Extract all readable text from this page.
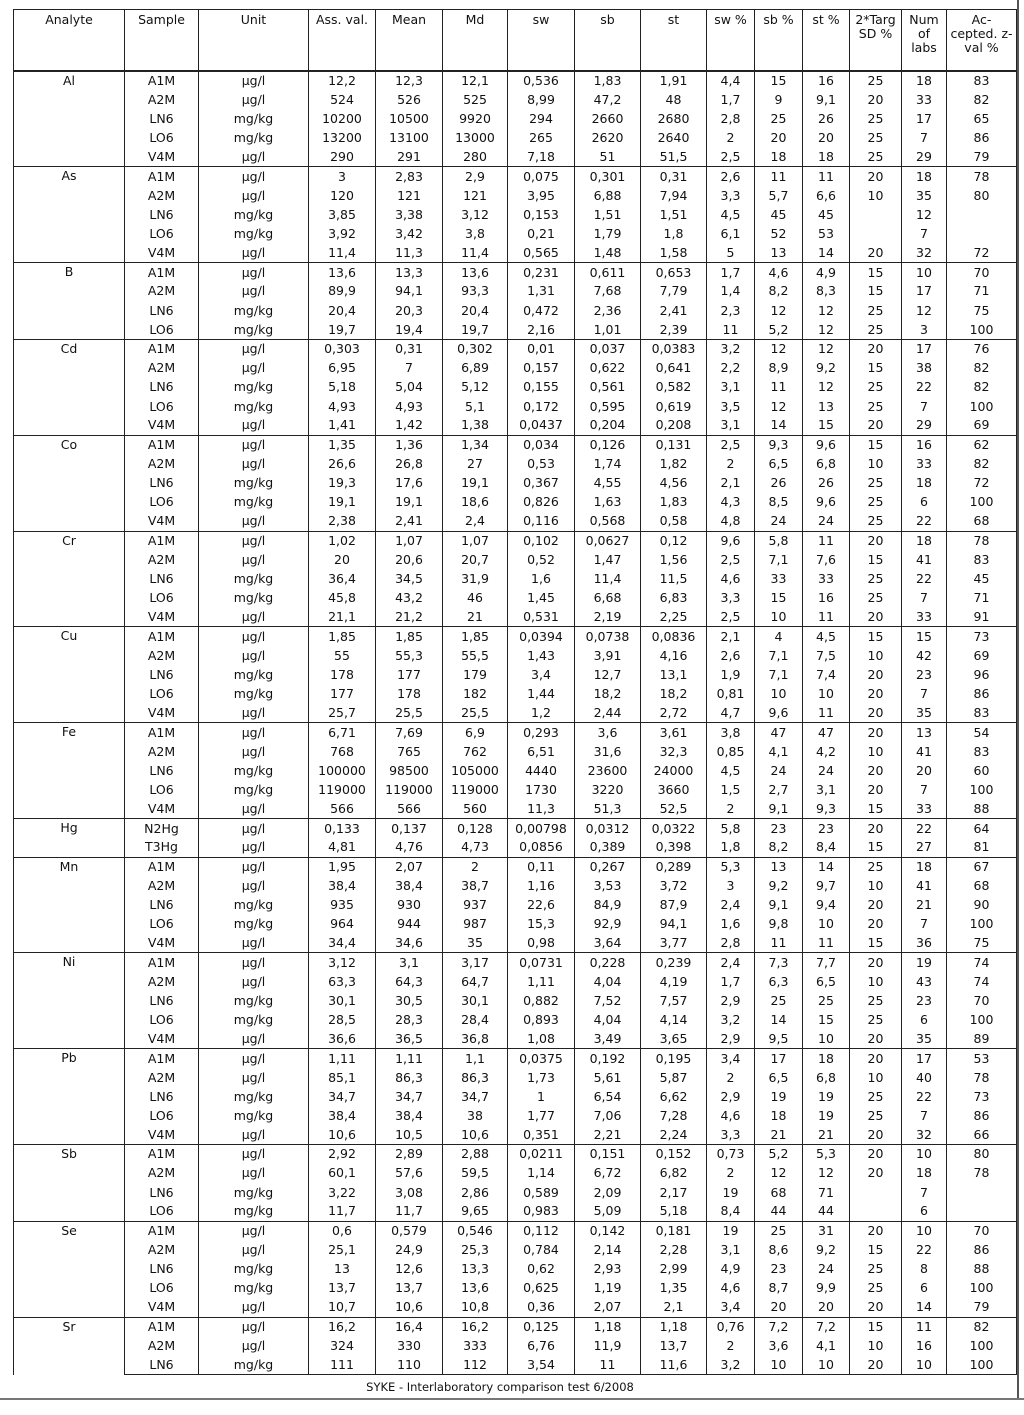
Analyte	Sample	Unit	Ass. val.	Mean	Md	sw	sb	st	sw %	sb %	st %	2*Targ SD %	Num of labs	Ac-cepted. z-val %
Al	A1M	µg/l	12,2	12,3	12,1	0,536	1,83	1,91	4,4	15	16	25	18	83
	A2M	µg/l	524	526	525	8,99	47,2	48	1,7	9	9,1	20	33	82
	LN6	mg/kg	10200	10500	9920	294	2660	2680	2,8	25	26	25	17	65
	LO6	mg/kg	13200	13100	13000	265	2620	2640	2	20	20	25	7	86
	V4M	µg/l	290	291	280	7,18	51	51,5	2,5	18	18	25	29	79
As	A1M	µg/l	3	2,83	2,9	0,075	0,301	0,31	2,6	11	11	20	18	78
	A2M	µg/l	120	121	121	3,95	6,88	7,94	3,3	5,7	6,6	10	35	80
	LN6	mg/kg	3,85	3,38	3,12	0,153	1,51	1,51	4,5	45	45		12	
	LO6	mg/kg	3,92	3,42	3,8	0,21	1,79	1,8	6,1	52	53		7	
	V4M	µg/l	11,4	11,3	11,4	0,565	1,48	1,58	5	13	14	20	32	72
B	A1M	µg/l	13,6	13,3	13,6	0,231	0,611	0,653	1,7	4,6	4,9	15	10	70
	A2M	µg/l	89,9	94,1	93,3	1,31	7,68	7,79	1,4	8,2	8,3	15	17	71
	LN6	mg/kg	20,4	20,3	20,4	0,472	2,36	2,41	2,3	12	12	25	12	75
	LO6	mg/kg	19,7	19,4	19,7	2,16	1,01	2,39	11	5,2	12	25	3	100
Cd	A1M	µg/l	0,303	0,31	0,302	0,01	0,037	0,0383	3,2	12	12	20	17	76
	A2M	µg/l	6,95	7	6,89	0,157	0,622	0,641	2,2	8,9	9,2	15	38	82
	LN6	mg/kg	5,18	5,04	5,12	0,155	0,561	0,582	3,1	11	12	25	22	82
	LO6	mg/kg	4,93	4,93	5,1	0,172	0,595	0,619	3,5	12	13	25	7	100
	V4M	µg/l	1,41	1,42	1,38	0,0437	0,204	0,208	3,1	14	15	20	29	69
Co	A1M	µg/l	1,35	1,36	1,34	0,034	0,126	0,131	2,5	9,3	9,6	15	16	62
	A2M	µg/l	26,6	26,8	27	0,53	1,74	1,82	2	6,5	6,8	10	33	82
	LN6	mg/kg	19,3	17,6	19,1	0,367	4,55	4,56	2,1	26	26	25	18	72
	LO6	mg/kg	19,1	19,1	18,6	0,826	1,63	1,83	4,3	8,5	9,6	25	6	100
	V4M	µg/l	2,38	2,41	2,4	0,116	0,568	0,58	4,8	24	24	25	22	68
Cr	A1M	µg/l	1,02	1,07	1,07	0,102	0,0627	0,12	9,6	5,8	11	20	18	78
	A2M	µg/l	20	20,6	20,7	0,52	1,47	1,56	2,5	7,1	7,6	15	41	83
	LN6	mg/kg	36,4	34,5	31,9	1,6	11,4	11,5	4,6	33	33	25	22	45
	LO6	mg/kg	45,8	43,2	46	1,45	6,68	6,83	3,3	15	16	25	7	71
	V4M	µg/l	21,1	21,2	21	0,531	2,19	2,25	2,5	10	11	20	33	91
Cu	A1M	µg/l	1,85	1,85	1,85	0,0394	0,0738	0,0836	2,1	4	4,5	15	15	73
	A2M	µg/l	55	55,3	55,5	1,43	3,91	4,16	2,6	7,1	7,5	10	42	69
	LN6	mg/kg	178	177	179	3,4	12,7	13,1	1,9	7,1	7,4	20	23	96
	LO6	mg/kg	177	178	182	1,44	18,2	18,2	0,81	10	10	20	7	86
	V4M	µg/l	25,7	25,5	25,5	1,2	2,44	2,72	4,7	9,6	11	20	35	83
Fe	A1M	µg/l	6,71	7,69	6,9	0,293	3,6	3,61	3,8	47	47	20	13	54
	A2M	µg/l	768	765	762	6,51	31,6	32,3	0,85	4,1	4,2	10	41	83
	LN6	mg/kg	100000	98500	105000	4440	23600	24000	4,5	24	24	20	20	60
	LO6	mg/kg	119000	119000	119000	1730	3220	3660	1,5	2,7	3,1	20	7	100
	V4M	µg/l	566	566	560	11,3	51,3	52,5	2	9,1	9,3	15	33	88
Hg	N2Hg	µg/l	0,133	0,137	0,128	0,00798	0,0312	0,0322	5,8	23	23	20	22	64
	T3Hg	µg/l	4,81	4,76	4,73	0,0856	0,389	0,398	1,8	8,2	8,4	15	27	81
Mn	A1M	µg/l	1,95	2,07	2	0,11	0,267	0,289	5,3	13	14	25	18	67
	A2M	µg/l	38,4	38,4	38,7	1,16	3,53	3,72	3	9,2	9,7	10	41	68
	LN6	mg/kg	935	930	937	22,6	84,9	87,9	2,4	9,1	9,4	20	21	90
	LO6	mg/kg	964	944	987	15,3	92,9	94,1	1,6	9,8	10	20	7	100
	V4M	µg/l	34,4	34,6	35	0,98	3,64	3,77	2,8	11	11	15	36	75
Ni	A1M	µg/l	3,12	3,1	3,17	0,0731	0,228	0,239	2,4	7,3	7,7	20	19	74
	A2M	µg/l	63,3	64,3	64,7	1,11	4,04	4,19	1,7	6,3	6,5	10	43	74
	LN6	mg/kg	30,1	30,5	30,1	0,882	7,52	7,57	2,9	25	25	25	23	70
	LO6	mg/kg	28,5	28,3	28,4	0,893	4,04	4,14	3,2	14	15	25	6	100
	V4M	µg/l	36,6	36,5	36,8	1,08	3,49	3,65	2,9	9,5	10	20	35	89
Pb	A1M	µg/l	1,11	1,11	1,1	0,0375	0,192	0,195	3,4	17	18	20	17	53
	A2M	µg/l	85,1	86,3	86,3	1,73	5,61	5,87	2	6,5	6,8	10	40	78
	LN6	mg/kg	34,7	34,7	34,7	1	6,54	6,62	2,9	19	19	25	22	73
	LO6	mg/kg	38,4	38,4	38	1,77	7,06	7,28	4,6	18	19	25	7	86
	V4M	µg/l	10,6	10,5	10,6	0,351	2,21	2,24	3,3	21	21	20	32	66
Sb	A1M	µg/l	2,92	2,89	2,88	0,0211	0,151	0,152	0,73	5,2	5,3	20	10	80
	A2M	µg/l	60,1	57,6	59,5	1,14	6,72	6,82	2	12	12	20	18	78
	LN6	mg/kg	3,22	3,08	2,86	0,589	2,09	2,17	19	68	71		7	
	LO6	mg/kg	11,7	11,7	9,65	0,983	5,09	5,18	8,4	44	44		6	
Se	A1M	µg/l	0,6	0,579	0,546	0,112	0,142	0,181	19	25	31	20	10	70
	A2M	µg/l	25,1	24,9	25,3	0,784	2,14	2,28	3,1	8,6	9,2	15	22	86
	LN6	mg/kg	13	12,6	13,3	0,62	2,93	2,99	4,9	23	24	25	8	88
	LO6	mg/kg	13,7	13,7	13,6	0,625	1,19	1,35	4,6	8,7	9,9	25	6	100
	V4M	µg/l	10,7	10,6	10,8	0,36	2,07	2,1	3,4	20	20	20	14	79
Sr	A1M	µg/l	16,2	16,4	16,2	0,125	1,18	1,18	0,76	7,2	7,2	15	11	82
	A2M	µg/l	324	330	333	6,76	11,9	13,7	2	3,6	4,1	10	16	100
	LN6	mg/kg	111	110	112	3,54	11	11,6	3,2	10	10	20	10	100
SYKE - Interlaboratory comparison test 6/2008
